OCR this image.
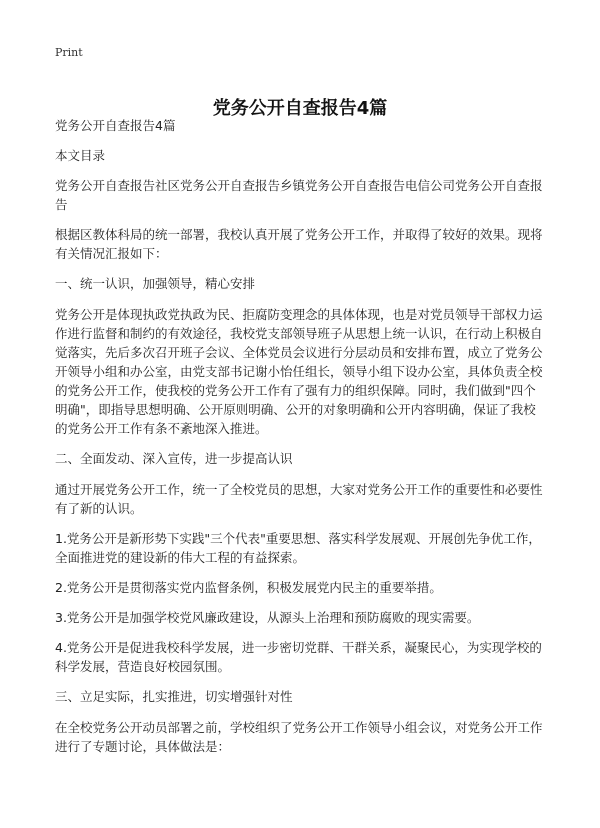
Print
党务公开自查报告4篇

党务公开自查报告4篇

本文目录

党务公开自查报告社区党务公开自查报告乡镇党务公开自查报告电信公司党务公开自查报告

根据区教体科局的统一部署，我校认真开展了党务公开工作，并取得了较好的效果。现将有关情况汇报如下：

一、统一认识，加强领导，精心安排

党务公开是体现执政党执政为民、拒腐防变理念的具体体现，也是对党员领导干部权力运作进行监督和制约的有效途径，我校党支部领导班子从思想上统一认识，在行动上积极自觉落实，先后多次召开班子会议、全体党员会议进行分层动员和安排布置，成立了党务公开领导小组和办公室，由党支部书记谢小怡任组长，领导小组下设办公室，具体负责全校的党务公开工作，使我校的党务公开工作有了强有力的组织保障。同时，我们做到"四个明确"，即指导思想明确、公开原则明确、公开的对象明确和公开内容明确，保证了我校的党务公开工作有条不紊地深入推进。

二、全面发动、深入宣传，进一步提高认识

通过开展党务公开工作，统一了全校党员的思想，大家对党务公开工作的重要性和必要性有了新的认识。

1.党务公开是新形势下实践"三个代表"重要思想、落实科学发展观、开展创先争优工作，全面推进党的建设新的伟大工程的有益探索。

2.党务公开是贯彻落实党内监督条例，积极发展党内民主的重要举措。

3.党务公开是加强学校党风廉政建设，从源头上治理和预防腐败的现实需要。

4.党务公开是促进我校科学发展，进一步密切党群、干群关系，凝聚民心，为实现学校的科学发展，营造良好校园氛围。

三、立足实际，扎实推进，切实增强针对性

在全校党务公开动员部署之前，学校组织了党务公开工作领导小组会议，对党务公开工作进行了专题讨论，具体做法是：
